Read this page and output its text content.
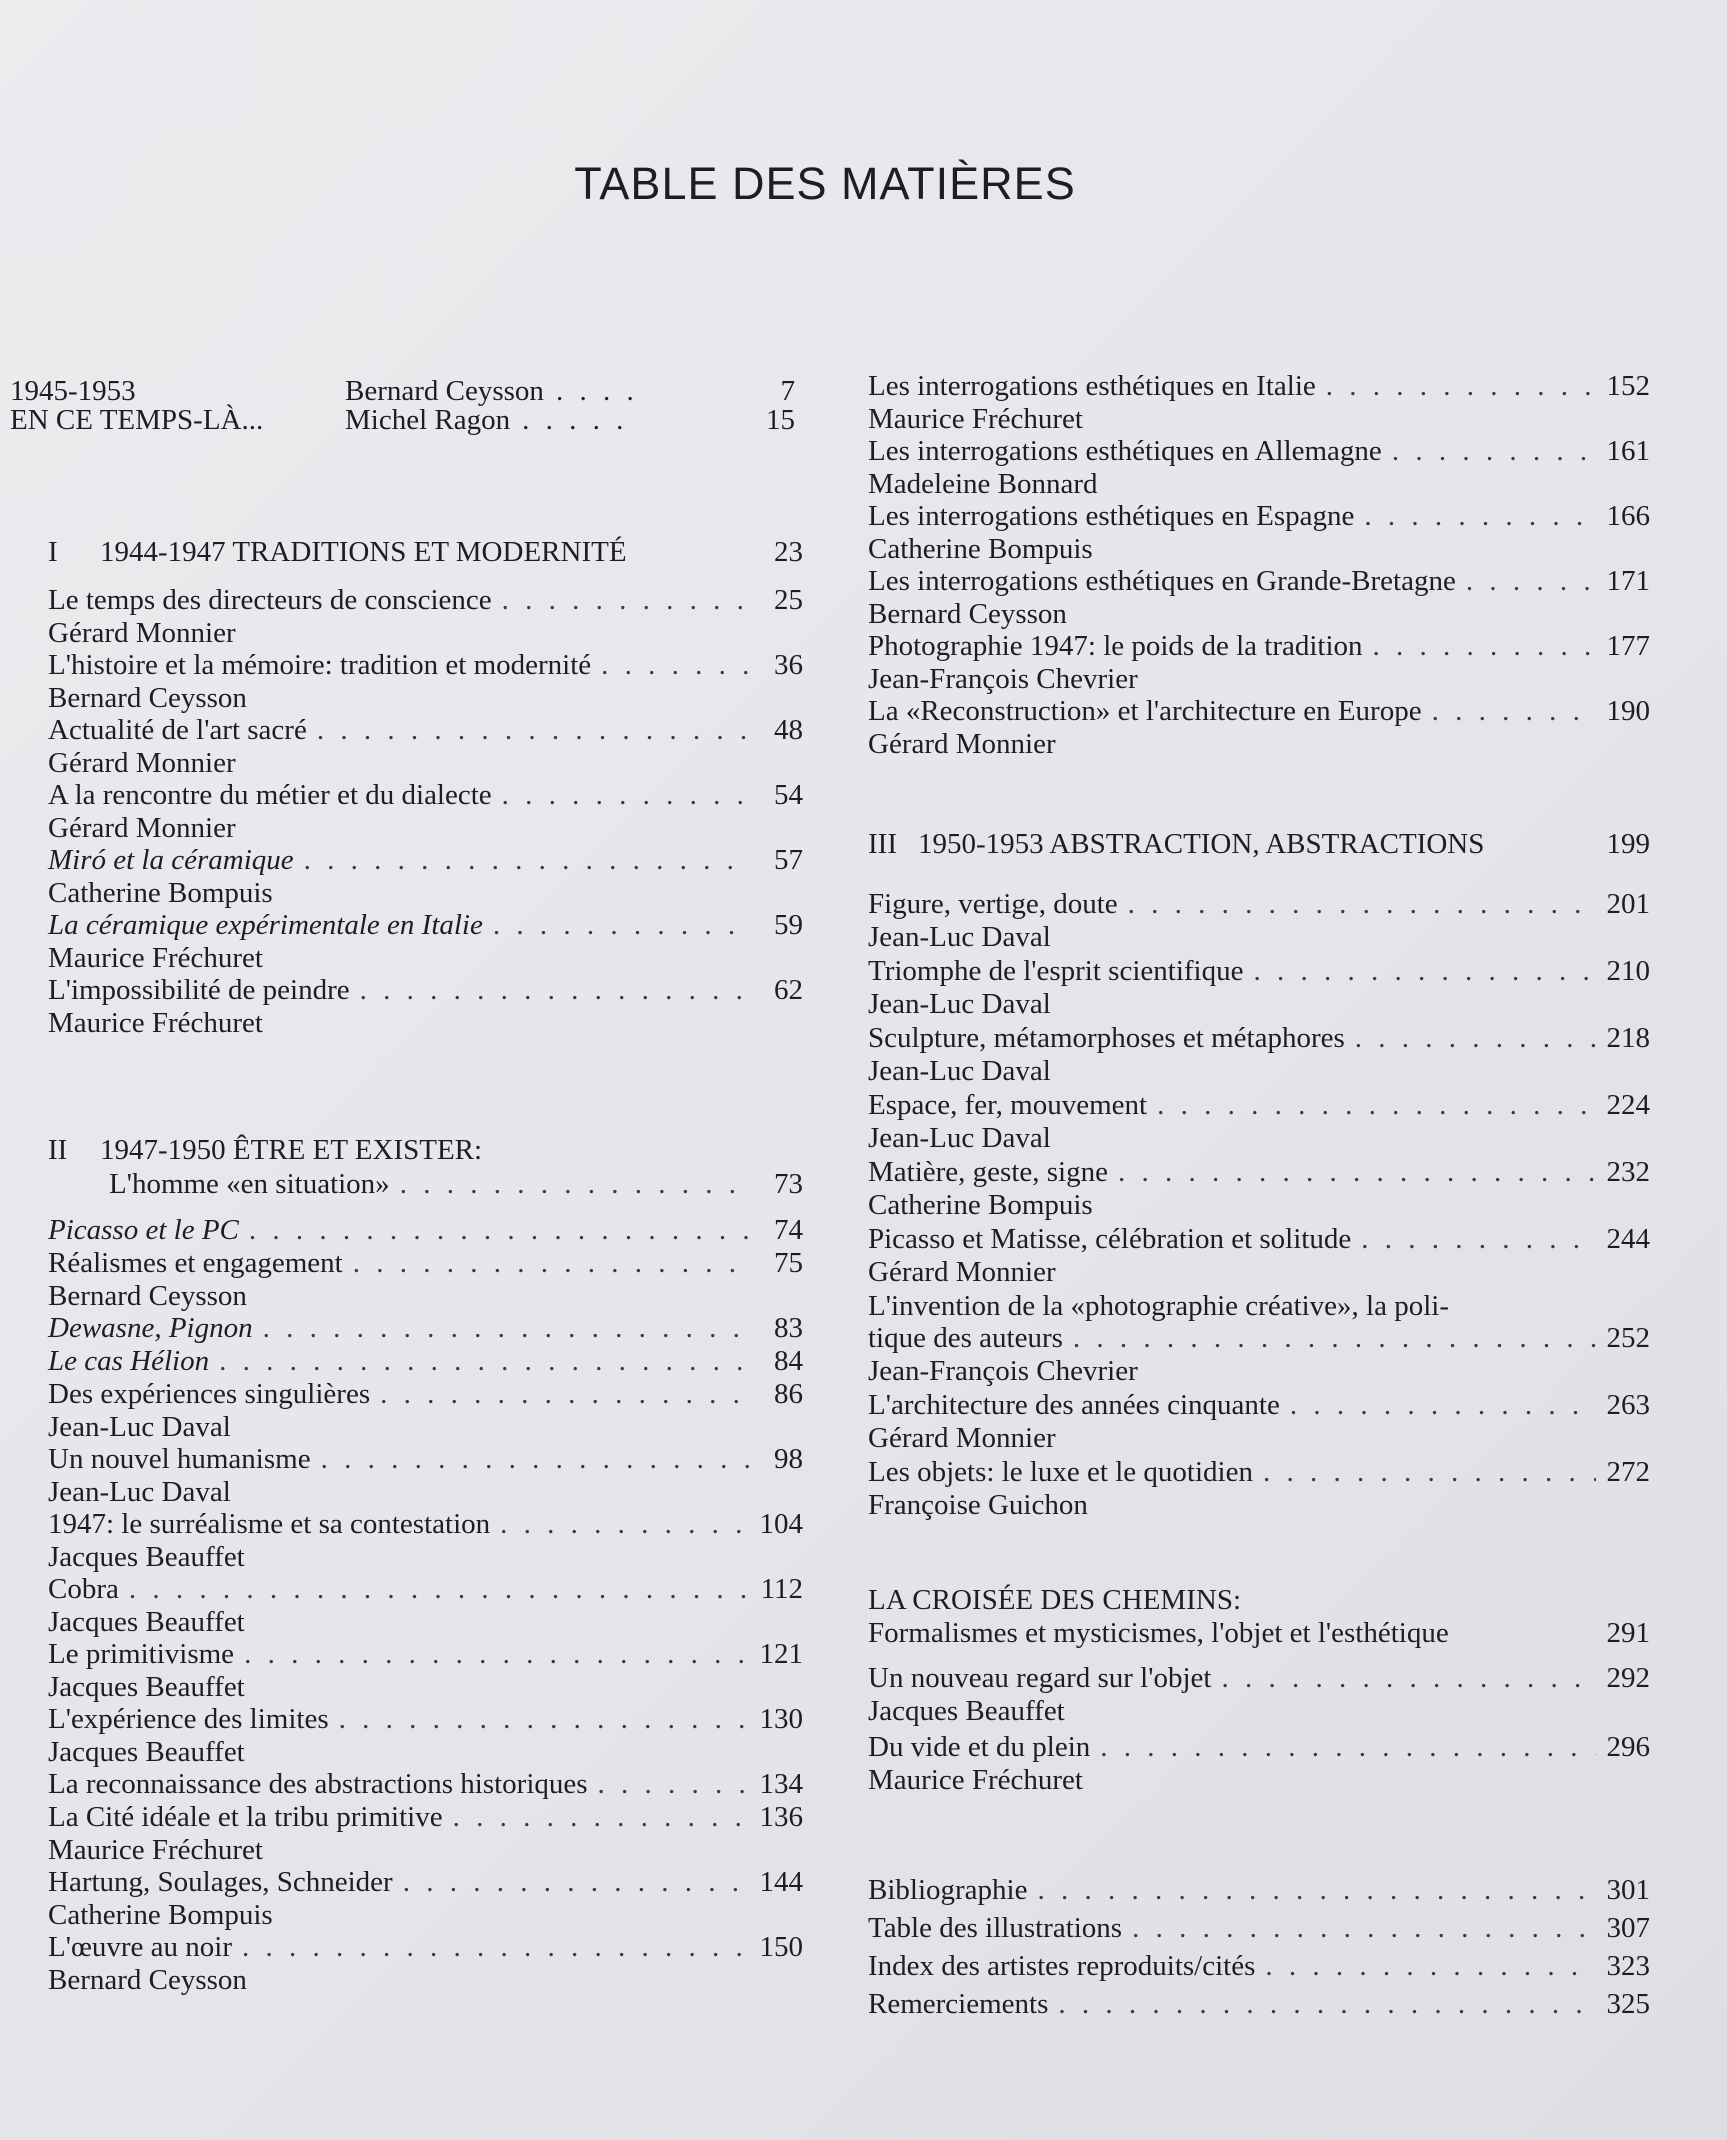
TABLE DES MATIÈRES
1945-1953	Bernard Ceysson . . . .	7
EN CE TEMPS-LÀ...	Michel Ragon . . . . .	15
I	1944-1947 TRADITIONS ET MODERNITÉ	23
Le temps des directeurs de conscience . . .	25
Gérard Monnier
L'histoire et la mémoire: tradition et modernité . . .	36
Bernard Ceysson
Actualité de l'art sacré . . .	48
Gérard Monnier
A la rencontre du métier et du dialecte . . .	54
Gérard Monnier
Miró et la céramique . . .	57
Catherine Bompuis
La céramique expérimentale en Italie . . .	59
Maurice Fréchuret
L'impossibilité de peindre . . .	62
Maurice Fréchuret
II	1947-1950 ÊTRE ET EXISTER:
L'homme «en situation» . . .	73
Picasso et le PC . . .	74
Réalismes et engagement . . .	75
Bernard Ceysson
Dewasne, Pignon . . .	83
Le cas Hélion . . .	84
Des expériences singulières . . .	86
Jean-Luc Daval
Un nouvel humanisme . . .	98
Jean-Luc Daval
1947: le surréalisme et sa contestation . . .	104
Jacques Beauffet
Cobra . . .	112
Jacques Beauffet
Le primitivisme . . .	121
Jacques Beauffet
L'expérience des limites . . .	130
Jacques Beauffet
La reconnaissance des abstractions historiques . . .	134
La Cité idéale et la tribu primitive . . .	136
Maurice Fréchuret
Hartung, Soulages, Schneider . . .	144
Catherine Bompuis
L'œuvre au noir . . .	150
Bernard Ceysson
Les interrogations esthétiques en Italie . . .	152
Maurice Fréchuret
Les interrogations esthétiques en Allemagne . . .	161
Madeleine Bonnard
Les interrogations esthétiques en Espagne . . .	166
Catherine Bompuis
Les interrogations esthétiques en Grande-Bretagne . . .	171
Bernard Ceysson
Photographie 1947: le poids de la tradition . . .	177
Jean-François Chevrier
La «Reconstruction» et l'architecture en Europe . . .	190
Gérard Monnier
III 1950-1953 ABSTRACTION, ABSTRACTIONS	199
Figure, vertige, doute . . .	201
Jean-Luc Daval
Triomphe de l'esprit scientifique . . .	210
Jean-Luc Daval
Sculpture, métamorphoses et métaphores . . .	218
Jean-Luc Daval
Espace, fer, mouvement . . .	224
Jean-Luc Daval
Matière, geste, signe . . .	232
Catherine Bompuis
Picasso et Matisse, célébration et solitude . . .	244
Gérard Monnier
L'invention de la «photographie créative», la poli-
tique des auteurs . . .	252
Jean-François Chevrier
L'architecture des années cinquante . . .	263
Gérard Monnier
Les objets: le luxe et le quotidien . . .	272
Françoise Guichon
LA CROISÉE DES CHEMINS:
Formalismes et mysticismes, l'objet et l'esthétique	291
Un nouveau regard sur l'objet . . .	292
Jacques Beauffet
Du vide et du plein . . .	296
Maurice Fréchuret
Bibliographie . . .	301
Table des illustrations . . .	307
Index des artistes reproduits/cités . . .	323
Remerciements . . .	325
